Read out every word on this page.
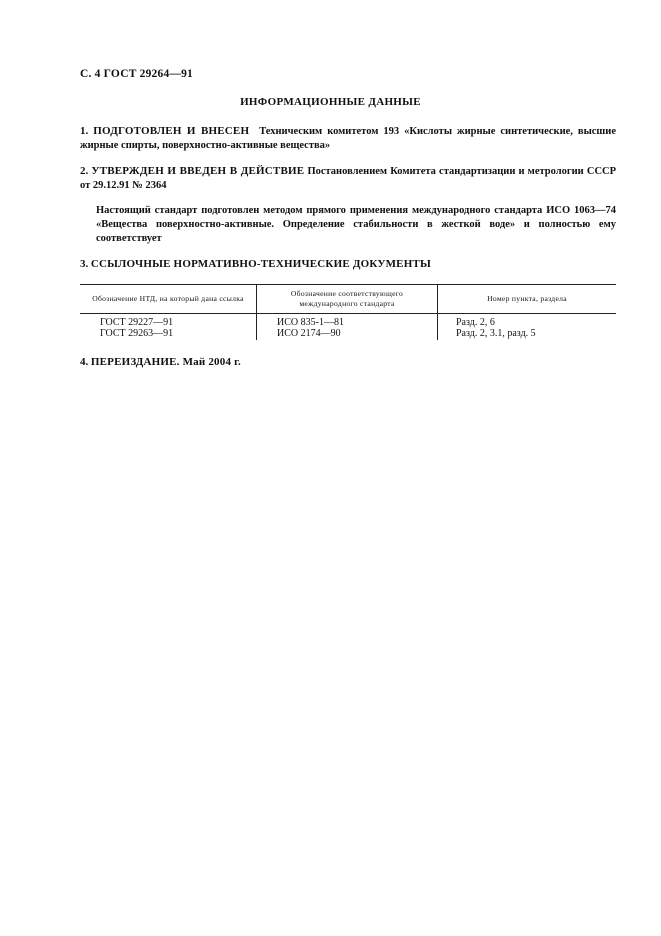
С. 4 ГОСТ 29264—91
ИНФОРМАЦИОННЫЕ ДАННЫЕ
1. ПОДГОТОВЛЕН И ВНЕСЕН Техническим комитетом 193 «Кислоты жирные синтетические, высшие жирные спирты, поверхностно-активные вещества»
2. УТВЕРЖДЕН И ВВЕДЕН В ДЕЙСТВИЕ Постановлением Комитета стандартизации и метрологии СССР от 29.12.91 № 2364
Настоящий стандарт подготовлен методом прямого применения международного стандарта ИСО 1063—74 «Вещества поверхностно-активные. Определение стабильности в жесткой воде» и полностью ему соответствует
3. ССЫЛОЧНЫЕ НОРМАТИВНО-ТЕХНИЧЕСКИЕ ДОКУМЕНТЫ
Обозначение НТД, на который дана ссылка
Обозначение соответствующего международного стандарта
Номер пункта, раздела
ГОСТ 29227—91
ГОСТ 29263—91
ИСО 835-1—81
ИСО 2174—90
Разд. 2, 6
Разд. 2, 3.1, разд. 5
4. ПЕРЕИЗДАНИЕ. Май 2004 г.
